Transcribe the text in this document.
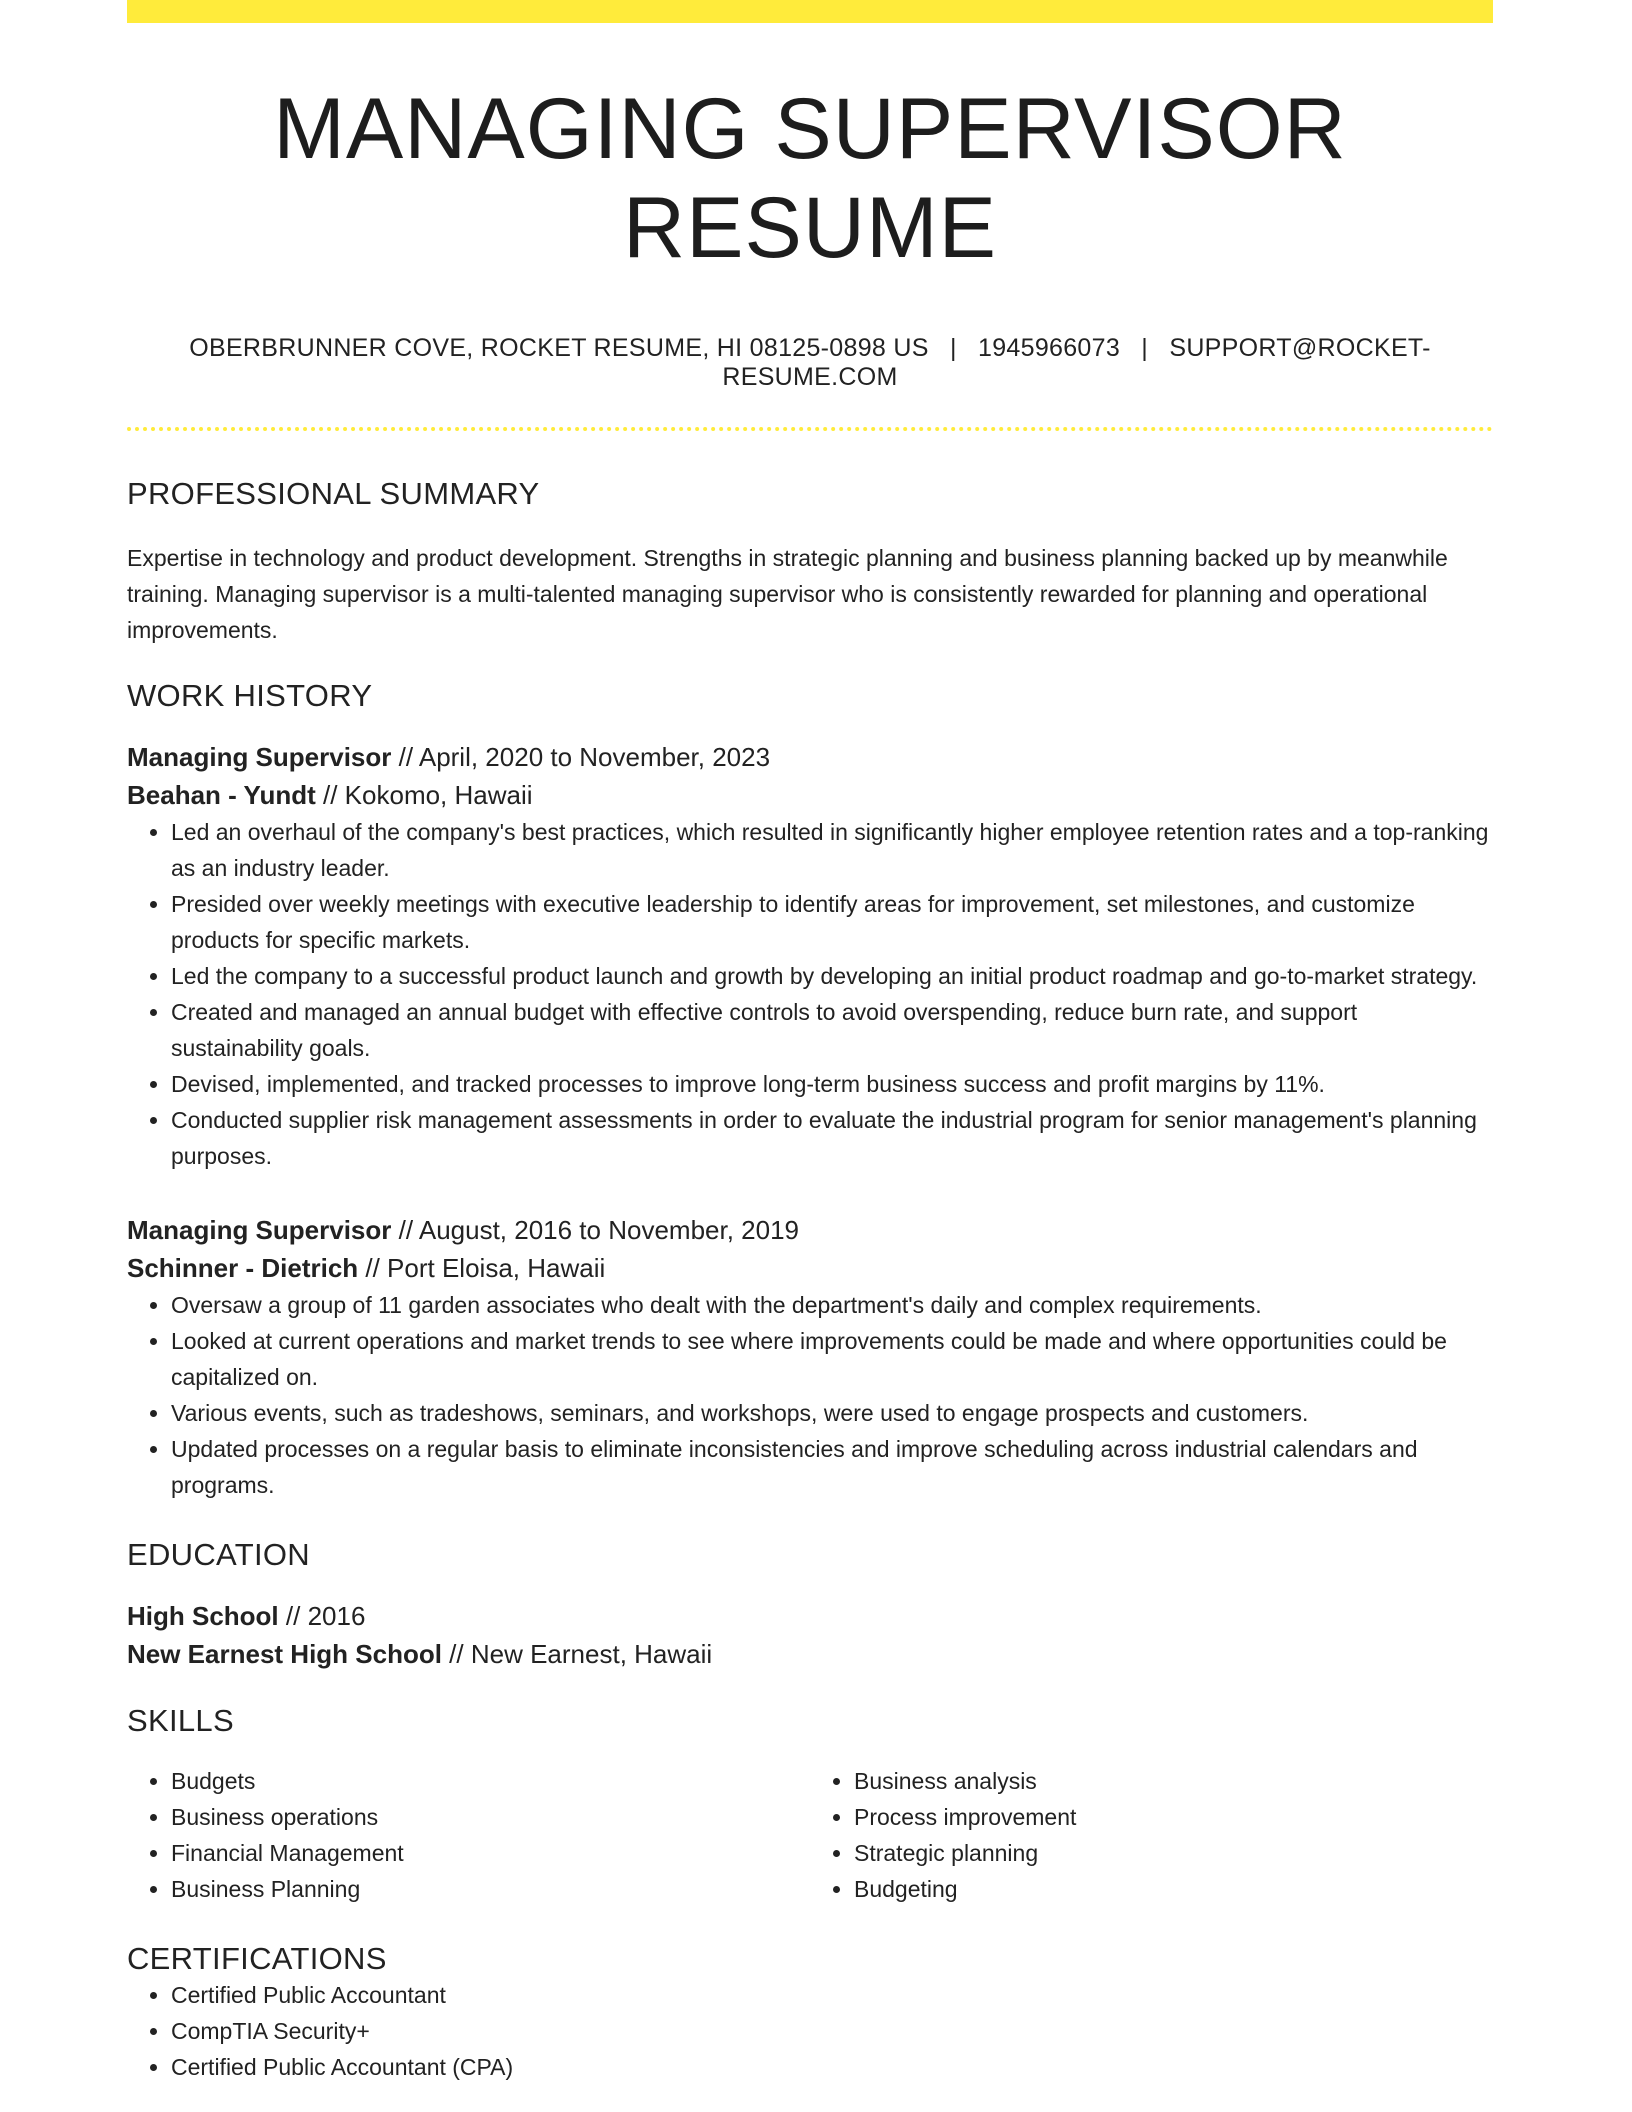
MANAGING SUPERVISOR RESUME
OBERBRUNNER COVE, ROCKET RESUME, HI 08125-0898 US | 1945966073 | SUPPORT@ROCKET-RESUME.COM
PROFESSIONAL SUMMARY

Expertise in technology and product development. Strengths in strategic planning and business planning backed up by meanwhile training. Managing supervisor is a multi-talented managing supervisor who is consistently rewarded for planning and operational improvements.

WORK HISTORY
Managing Supervisor // April, 2020 to November, 2023
Beahan - Yundt // Kokomo, Hawaii
• Led an overhaul of the company's best practices, which resulted in significantly higher employee retention rates and a top-ranking as an industry leader.
• Presided over weekly meetings with executive leadership to identify areas for improvement, set milestones, and customize products for specific markets.
• Led the company to a successful product launch and growth by developing an initial product roadmap and go-to-market strategy.
• Created and managed an annual budget with effective controls to avoid overspending, reduce burn rate, and support sustainability goals.
• Devised, implemented, and tracked processes to improve long-term business success and profit margins by 11%.
• Conducted supplier risk management assessments in order to evaluate the industrial program for senior management's planning purposes.
Managing Supervisor // August, 2016 to November, 2019
Schinner - Dietrich // Port Eloisa, Hawaii
• Oversaw a group of 11 garden associates who dealt with the department's daily and complex requirements.
• Looked at current operations and market trends to see where improvements could be made and where opportunities could be capitalized on.
• Various events, such as tradeshows, seminars, and workshops, were used to engage prospects and customers.
• Updated processes on a regular basis to eliminate inconsistencies and improve scheduling across industrial calendars and programs.
EDUCATION
High School // 2016
New Earnest High School // New Earnest, Hawaii
SKILLS
• Budgets
• Business operations
• Financial Management
• Business Planning
• Business analysis
• Process improvement
• Strategic planning
• Budgeting
CERTIFICATIONS
• Certified Public Accountant
• CompTIA Security+
• Certified Public Accountant (CPA)
